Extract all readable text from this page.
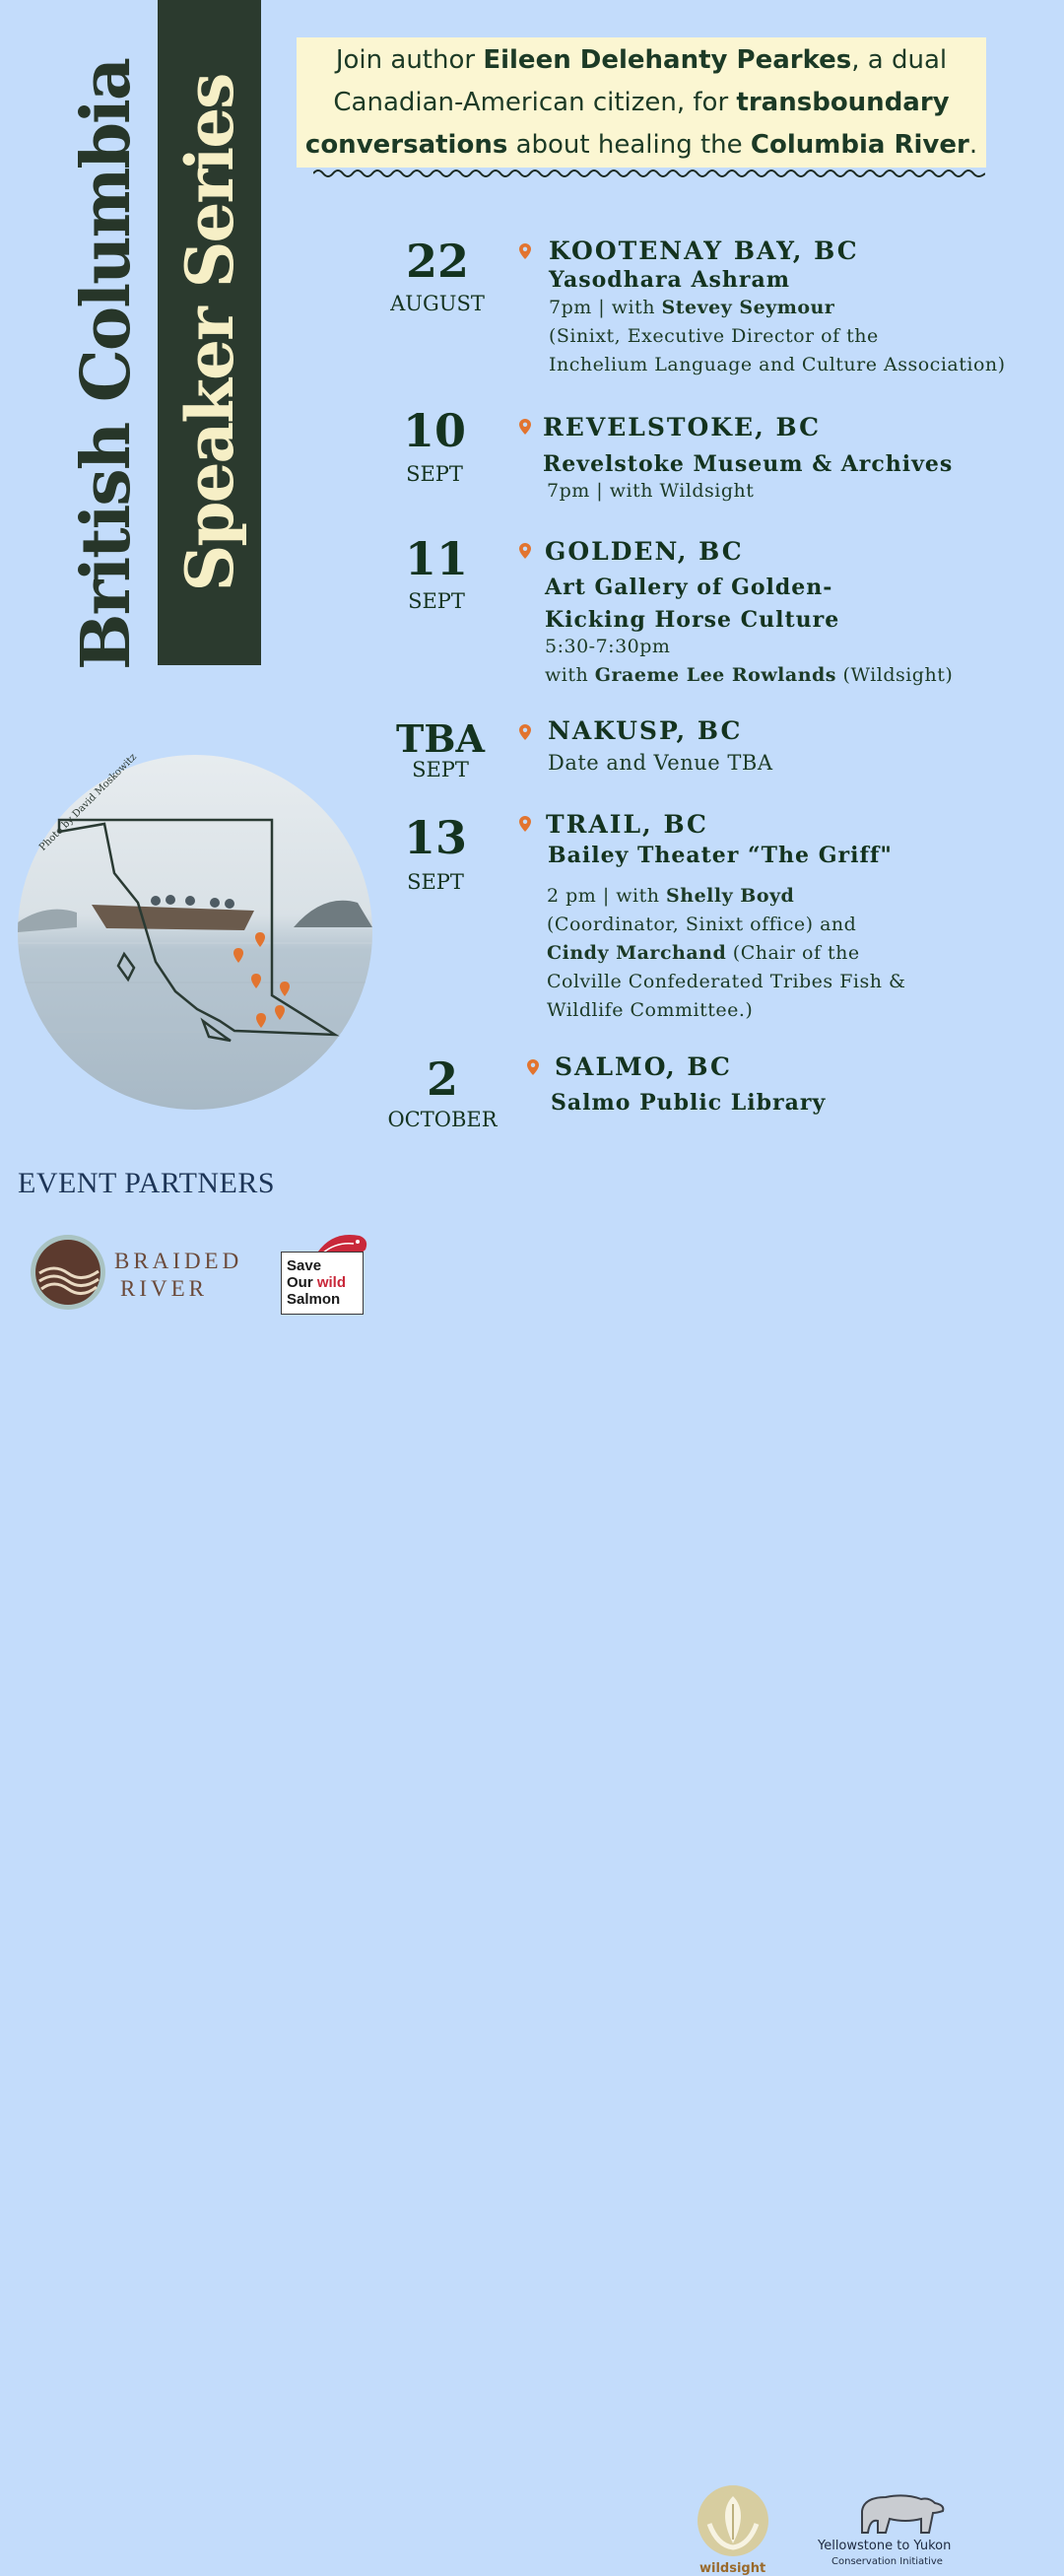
British Columbia Speaker Series
Join author Eileen Delehanty Pearkes, a dual
Canadian-American citizen, for transboundary
conversations about healing the Columbia River.
22
AUGUST
KOOTENAY BAY, BC
Yasodhara Ashram
7pm | with Stevey Seymour
(Sinixt, Executive Director of the
Inchelium Language and Culture Association)
10
SEPT
REVELSTOKE, BC
Revelstoke Museum & Archives
7pm | with Wildsight
11
SEPT
GOLDEN, BC
Art Gallery of Golden-
Kicking Horse Culture
5:30-7:30pm
with Graeme Lee Rowlands (Wildsight)
TBA
SEPT
NAKUSP, BC
Date and Venue TBA
13
SEPT
TRAIL, BC
Bailey Theater “The Griff"
2 pm | with Shelly Boyd
(Coordinator, Sinixt office) and
Cindy Marchand (Chair of the
Colville Confederated Tribes Fish &
Wildlife Committee.)
2
OCTOBER
SALMO, BC
Salmo Public Library
Photo by David Moskowitz
EVENT PARTNERS
BRAIDED
RIVER
Save
Our wild
Salmon
wildsight
Yellowstone to Yukon
Conservation Initiative
